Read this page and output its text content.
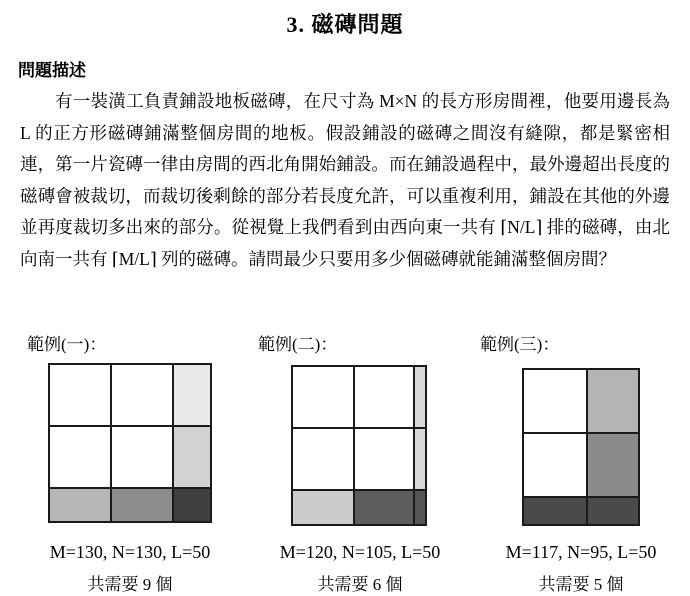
3. 磁磚問題
問題描述

有一裝潢工負責鋪設地板磁磚，在尺寸為 M×N 的長方形房間裡，他要用邊長為 L 的正方形磁磚鋪滿整個房間的地板。假設鋪設的磁磚之間沒有縫隙，都是緊密相連，第一片瓷磚一律由房間的西北角開始鋪設。而在鋪設過程中，最外邊超出長度的磁磚會被裁切，而裁切後剩餘的部分若長度允許，可以重複利用，鋪設在其他的外邊並再度裁切多出來的部分。從視覺上我們看到由西向東一共有 ⌈N/L⌉ 排的磁磚，由北向南一共有 ⌈M/L⌉ 列的磁磚。請問最少只要用多少個磁磚就能鋪滿整個房間？

範例(一)：
M=130, N=130, L=50
共需要 9 個
範例(二)：
M=120, N=105, L=50
共需要 6 個
範例(三)：
M=117, N=95, L=50
共需要 5 個
